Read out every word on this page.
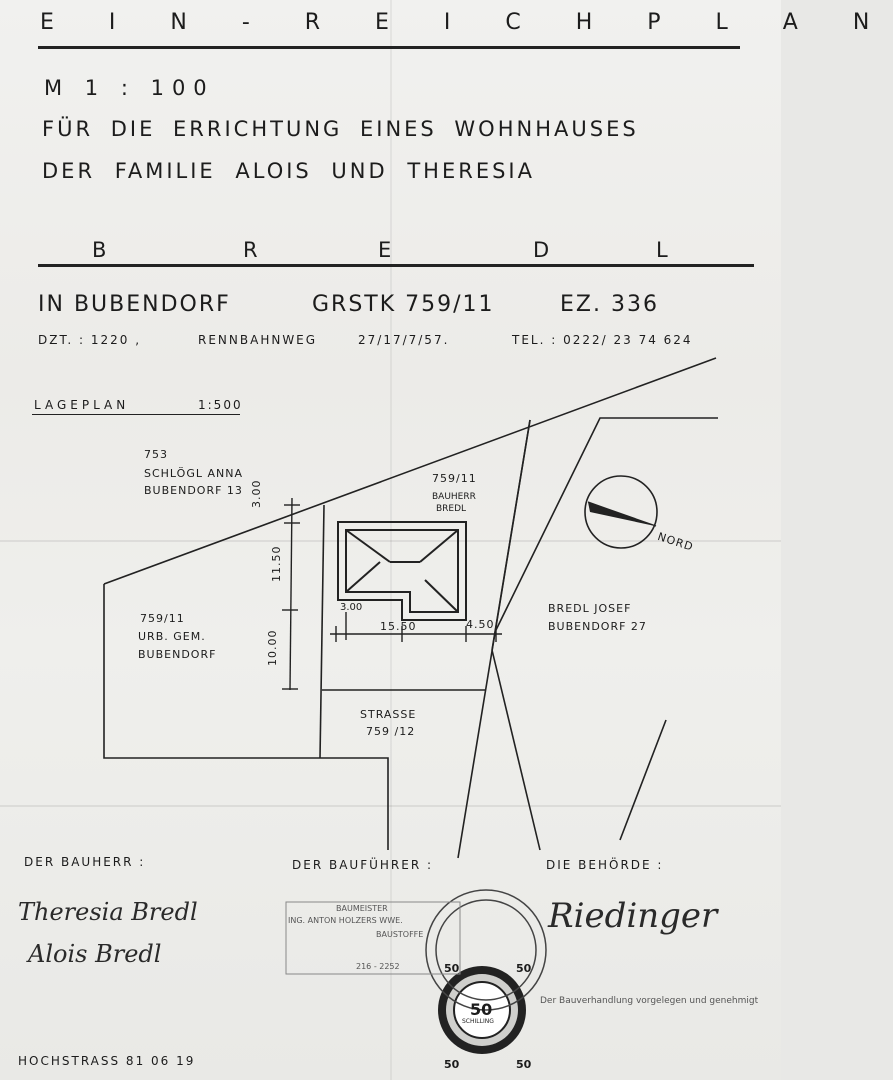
E I N - R E I C H P L A N
M 1 : 100
FÜR DIE ERRICHTUNG EINES WOHNHAUSES
DER FAMILIE ALOIS UND THERESIA
B	R	E	D	L
IN BUBENDORF	GRSTK 759/11	EZ. 336
DZT. : 1220 ,	RENNBAHNWEG	27/17/7/57.	TEL. : 0222/ 23 74 624
LAGEPLAN	1:500
753
SCHLÖGL ANNA
BUBENDORF 13
759/11
BAUHERR
BREDL
759/11
URB. GEM.
BUBENDORF
BREDL JOSEF
BUBENDORF 27
STRASSE
759 /12
NORD
3.00
11.50
10.00
3.00
15.50	4.50
DER BAUHERR :	DER BAUFÜHRER :	DIE BEHÖRDE :
Theresia Bredl
Alois Bredl
BAUMEISTER
ING. ANTON HOLZERS WWE.
BAUSTOFFE
216 - 2252
Riedinger
Der Bauverhandlung vorgelegen und genehmigt
50	50
50
SCHILLING
50	50
HOCHSTRASS 81 06 19
